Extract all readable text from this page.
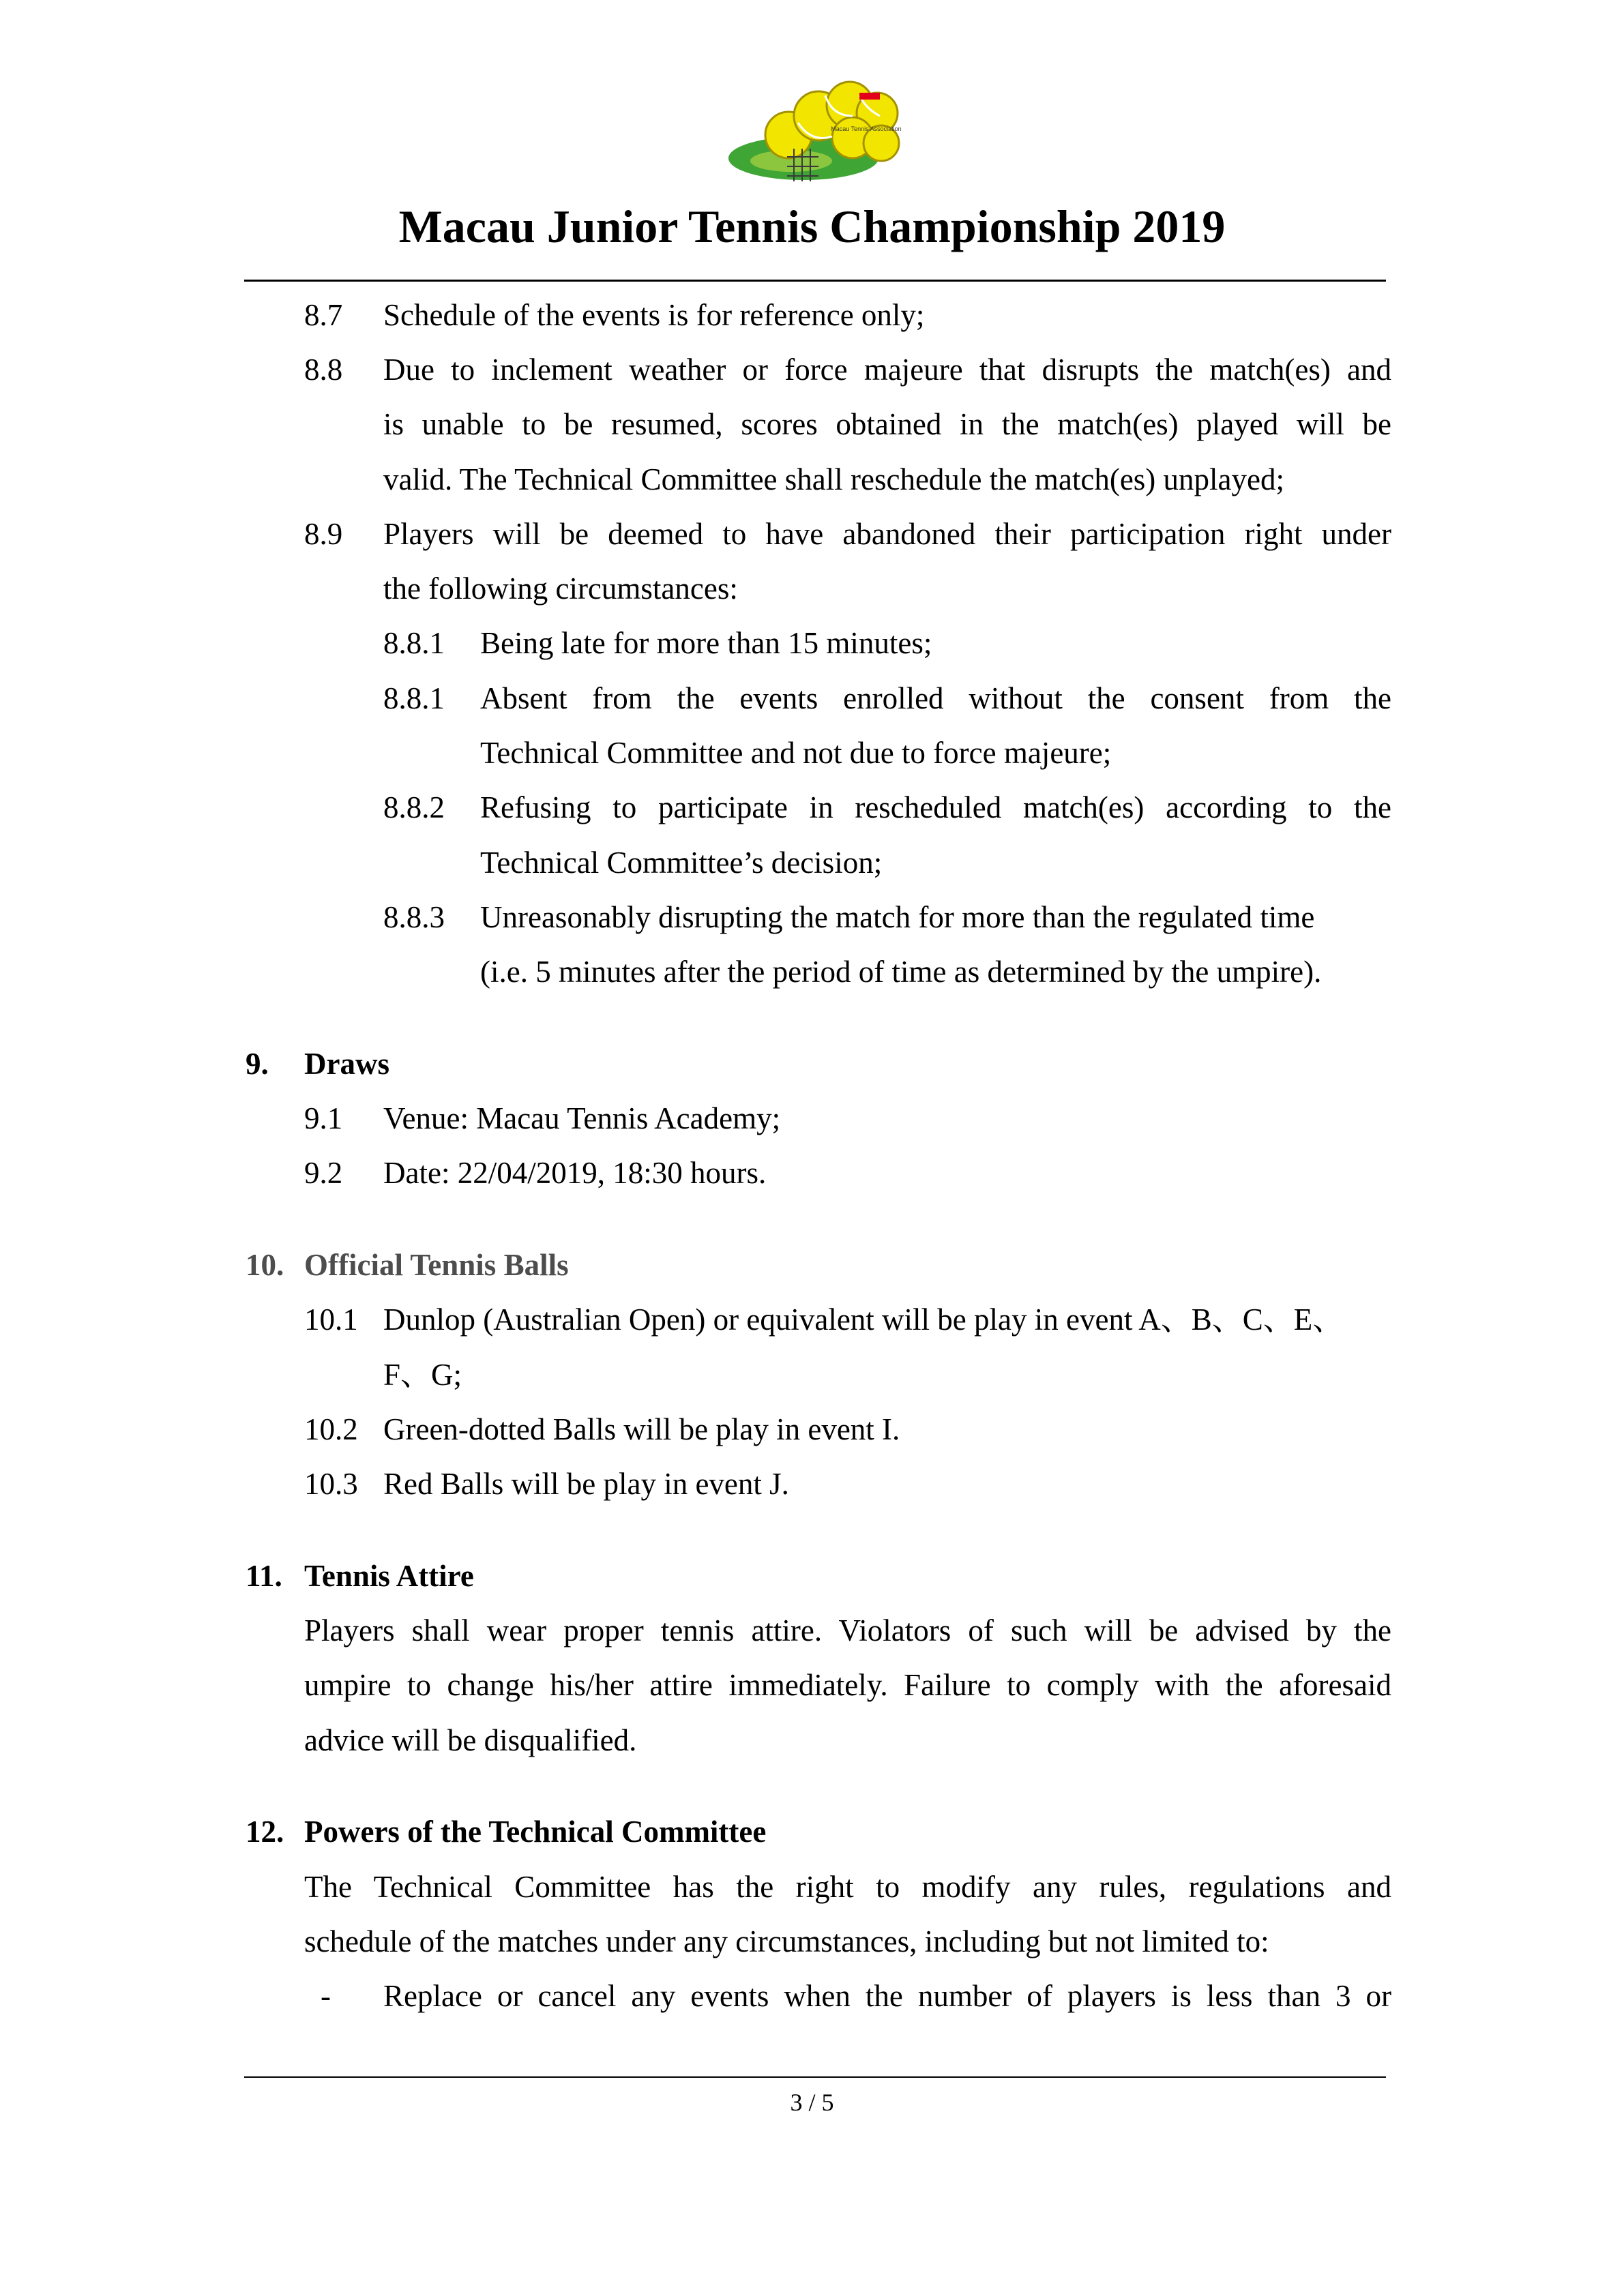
Macau Tennis Association
Macau Junior Tennis Championship 2019
8.7 Schedule of the events is for reference only;
8.8 Due to inclement weather or force majeure that disrupts the match(es) and
is unable to be resumed, scores obtained in the match(es) played will be
valid. The Technical Committee shall reschedule the match(es) unplayed;
8.9 Players will be deemed to have abandoned their participation right under
the following circumstances:
8.8.1 Being late for more than 15 minutes;
8.8.1 Absent from the events enrolled without the consent from the
Technical Committee and not due to force majeure;
8.8.2 Refusing to participate in rescheduled match(es) according to the
Technical Committee’s decision;
8.8.3 Unreasonably disrupting the match for more than the regulated time
(i.e. 5 minutes after the period of time as determined by the umpire).
9. Draws
9.1 Venue: Macau Tennis Academy;
9.2 Date: 22/04/2019, 18:30 hours.
10. Official Tennis Balls
10.1 Dunlop (Australian Open) or equivalent will be play in event A、B、C、E、
F、G;
10.2 Green-dotted Balls will be play in event I.
10.3 Red Balls will be play in event J.
11. Tennis Attire
Players shall wear proper tennis attire. Violators of such will be advised by the
umpire to change his/her attire immediately. Failure to comply with the aforesaid
advice will be disqualified.
12. Powers of the Technical Committee
The Technical Committee has the right to modify any rules, regulations and
schedule of the matches under any circumstances, including but not limited to:
- Replace or cancel any events when the number of players is less than 3 or
3 / 5
